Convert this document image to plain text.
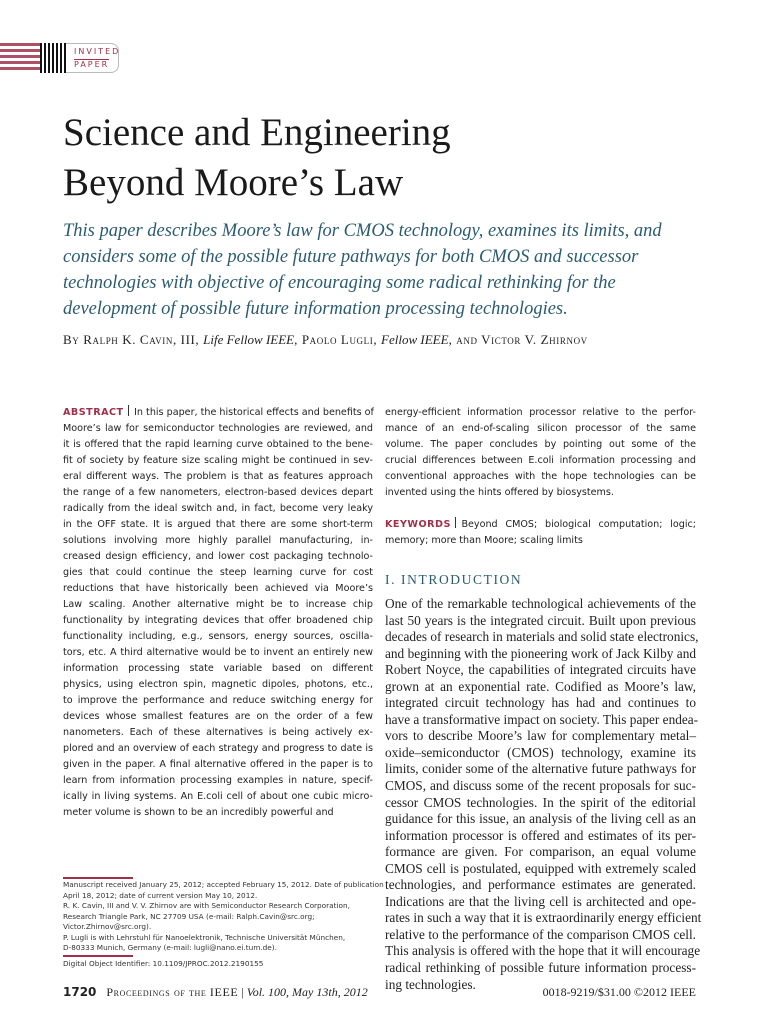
INVITED
PAPER
Science and Engineering
Beyond Moore’s Law
This paper describes Moore’s law for CMOS technology, examines its limits, and
considers some of the possible future pathways for both CMOS and successor
technologies with objective of encouraging some radical rethinking for the
development of possible future information processing technologies.
By Ralph K. Cavin, III, Life Fellow IEEE, Paolo Lugli, Fellow IEEE, and Victor V. Zhirnov
ABSTRACT In this paper, the historical effects and benefits of
Moore’s law for semiconductor technologies are reviewed, and
it is offered that the rapid learning curve obtained to the bene-
fit of society by feature size scaling might be continued in sev-
eral different ways. The problem is that as features approach
the range of a few nanometers, electron-based devices depart
radically from the ideal switch and, in fact, become very leaky
in the OFF state. It is argued that there are some short-term
solutions involving more highly parallel manufacturing, in-
creased design efficiency, and lower cost packaging technolo-
gies that could continue the steep learning curve for cost
reductions that have historically been achieved via Moore’s
Law scaling. Another alternative might be to increase chip
functionality by integrating devices that offer broadened chip
functionality including, e.g., sensors, energy sources, oscilla-
tors, etc. A third alternative would be to invent an entirely new
information processing state variable based on different
physics, using electron spin, magnetic dipoles, photons, etc.,
to improve the performance and reduce switching energy for
devices whose smallest features are on the order of a few
nanometers. Each of these alternatives is being actively ex-
plored and an overview of each strategy and progress to date is
given in the paper. A final alternative offered in the paper is to
learn from information processing examples in nature, specif-
ically in living systems. An E.coli cell of about one cubic micro-
meter volume is shown to be an incredibly powerful and
energy-efficient information processor relative to the perfor-
mance of an end-of-scaling silicon processor of the same
volume. The paper concludes by pointing out some of the
crucial differences between E.coli information processing and
conventional approaches with the hope technologies can be
invented using the hints offered by biosystems.
KEYWORDS Beyond CMOS; biological computation; logic;
memory; more than Moore; scaling limits
I. INTRODUCTION
One of the remarkable technological achievements of the
last 50 years is the integrated circuit. Built upon previous
decades of research in materials and solid state electronics,
and beginning with the pioneering work of Jack Kilby and
Robert Noyce, the capabilities of integrated circuits have
grown at an exponential rate. Codified as Moore’s law,
integrated circuit technology has had and continues to
have a transformative impact on society. This paper endea-
vors to describe Moore’s law for complementary metal–
oxide–semiconductor (CMOS) technology, examine its
limits, conider some of the alternative future pathways for
CMOS, and discuss some of the recent proposals for suc-
cessor CMOS technologies. In the spirit of the editorial
guidance for this issue, an analysis of the living cell as an
information processor is offered and estimates of its per-
formance are given. For comparison, an equal volume
CMOS cell is postulated, equipped with extremely scaled
technologies, and performance estimates are generated.
Indications are that the living cell is architected and ope-
rates in such a way that it is extraordinarily energy efficient
relative to the performance of the comparison CMOS cell.
This analysis is offered with the hope that it will encourage
radical rethinking of possible future information process-
ing technologies.
Manuscript received January 25, 2012; accepted February 15, 2012. Date of publication
April 18, 2012; date of current version May 10, 2012.
R. K. Cavin, III and V. V. Zhirnov are with Semiconductor Research Corporation,
Research Triangle Park, NC 27709 USA (e-mail: Ralph.Cavin@src.org;
Victor.Zhirnov@src.org).
P. Lugli is with Lehrstuhl für Nanoelektronik, Technische Universität München,
D-80333 Munich, Germany (e-mail: lugli@nano.ei.tum.de).
Digital Object Identifier: 10.1109/JPROC.2012.2190155
1720 Proceedings of the IEEE | Vol. 100, May 13th, 2012	0018-9219/$31.00 ©2012 IEEE
